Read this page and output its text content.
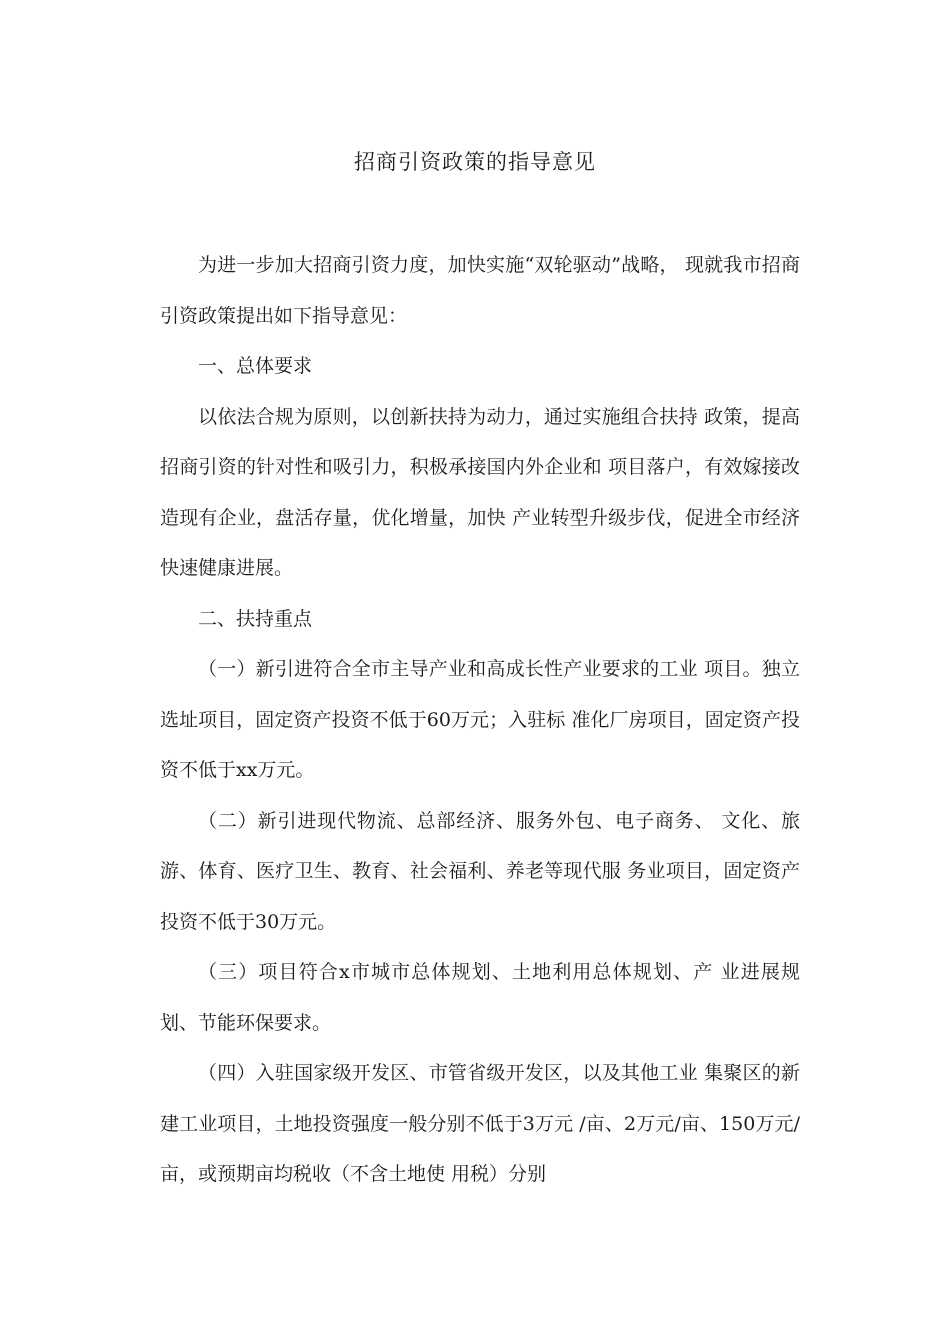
招商引资政策的指导意见

为进一步加大招商引资力度，加快实施“双轮驱动”战略， 现就我市招商引资政策提出如下指导意见：

一、总体要求

以依法合规为原则，以创新扶持为动力，通过实施组合扶持 政策，提高招商引资的针对性和吸引力，积极承接国内外企业和 项目落户，有效嫁接改造现有企业，盘活存量，优化增量，加快 产业转型升级步伐，促进全市经济快速健康进展。

二、扶持重点

（一）新引进符合全市主导产业和高成长性产业要求的工业 项目。独立选址项目，固定资产投资不低于60万元；入驻标 准化厂房项目，固定资产投资不低于xx万元。

（二）新引进现代物流、总部经济、服务外包、电子商务、 文化、旅游、体育、医疗卫生、教育、社会福利、养老等现代服 务业项目，固定资产投资不低于30万元。

（三）项目符合x市城市总体规划、土地利用总体规划、产 业进展规划、节能环保要求。

（四）入驻国家级开发区、市管省级开发区，以及其他工业 集聚区的新建工业项目，土地投资强度一般分别不低于3万元 /亩、2万元/亩、150万元/亩，或预期亩均税收（不含土地使 用税）分别
